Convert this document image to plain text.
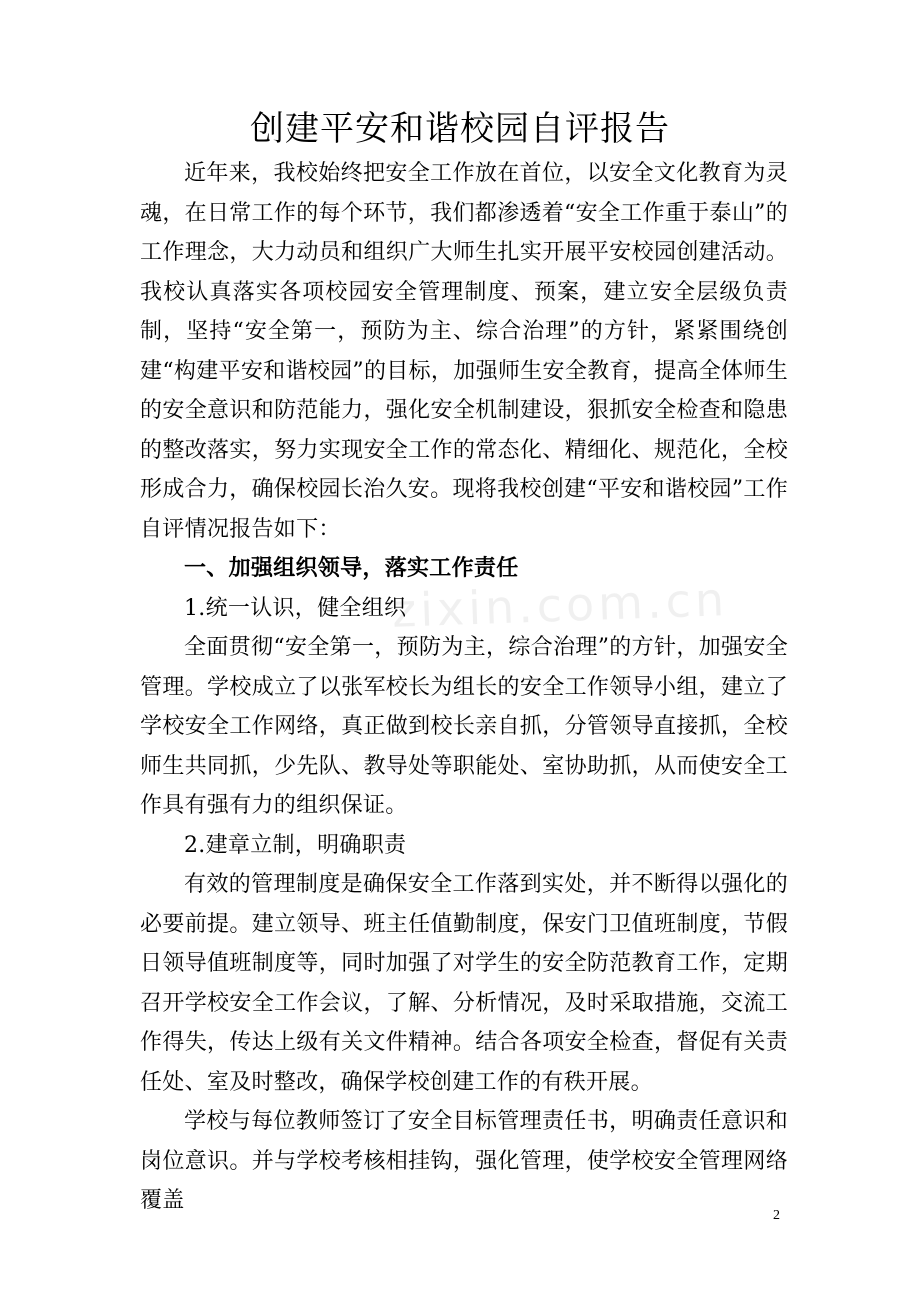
创建平安和谐校园自评报告

近年来，我校始终把安全工作放在首位，以安全文化教育为灵魂，在日常工作的每个环节，我们都渗透着“安全工作重于泰山”的工作理念，大力动员和组织广大师生扎实开展平安校园创建活动。我校认真落实各项校园安全管理制度、预案，建立安全层级负责制，坚持“安全第一，预防为主、综合治理”的方针，紧紧围绕创建“构建平安和谐校园”的目标，加强师生安全教育，提高全体师生的安全意识和防范能力，强化安全机制建设，狠抓安全检查和隐患的整改落实，努力实现安全工作的常态化、精细化、规范化，全校形成合力，确保校园长治久安。现将我校创建“平安和谐校园”工作自评情况报告如下：

一、加强组织领导，落实工作责任

1.统一认识，健全组织

全面贯彻“安全第一，预防为主，综合治理”的方针，加强安全管理。学校成立了以张军校长为组长的安全工作领导小组，建立了学校安全工作网络，真正做到校长亲自抓，分管领导直接抓，全校师生共同抓，少先队、教导处等职能处、室协助抓，从而使安全工作具有强有力的组织保证。

2.建章立制，明确职责

有效的管理制度是确保安全工作落到实处，并不断得以强化的必要前提。建立领导、班主任值勤制度，保安门卫值班制度，节假日领导值班制度等，同时加强了对学生的安全防范教育工作，定期召开学校安全工作会议，了解、分析情况，及时采取措施，交流工作得失，传达上级有关文件精神。结合各项安全检查，督促有关责任处、室及时整改，确保学校创建工作的有秩开展。

学校与每位教师签订了安全目标管理责任书，明确责任意识和岗位意识。并与学校考核相挂钩，强化管理，使学校安全管理网络覆盖

zixin.com.cn
2
